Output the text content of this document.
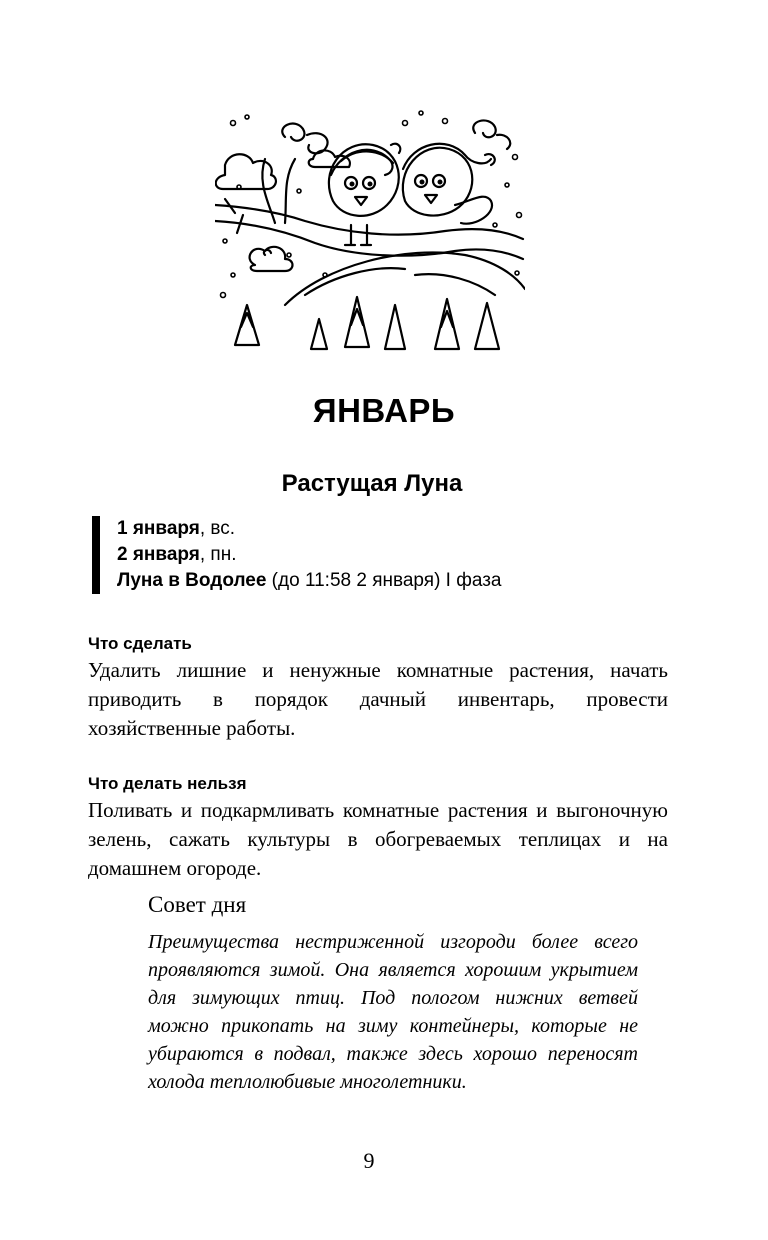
ЯНВАРЬ
Растущая Луна
1 января, вс.
2 января, пн.
Луна в Водолее (до 11:58 2 января) I фаза
Что сделать
Удалить лишние и ненужные комнатные растения, начать приводить в порядок дачный инвентарь, провести хозяйственные работы.
Что делать нельзя
Поливать и подкармливать комнатные растения и выгоночную зелень, сажать культуры в обогреваемых теплицах и на домашнем огороде.
Совет дня
Преимущества нестриженной изгороди более всего проявляются зимой. Она является хорошим укрытием для зимующих птиц. Под пологом нижних ветвей можно прикопать на зиму контейнеры, которые не убираются в подвал, также здесь хорошо переносят холода теплолюбивые многолетники.
9
